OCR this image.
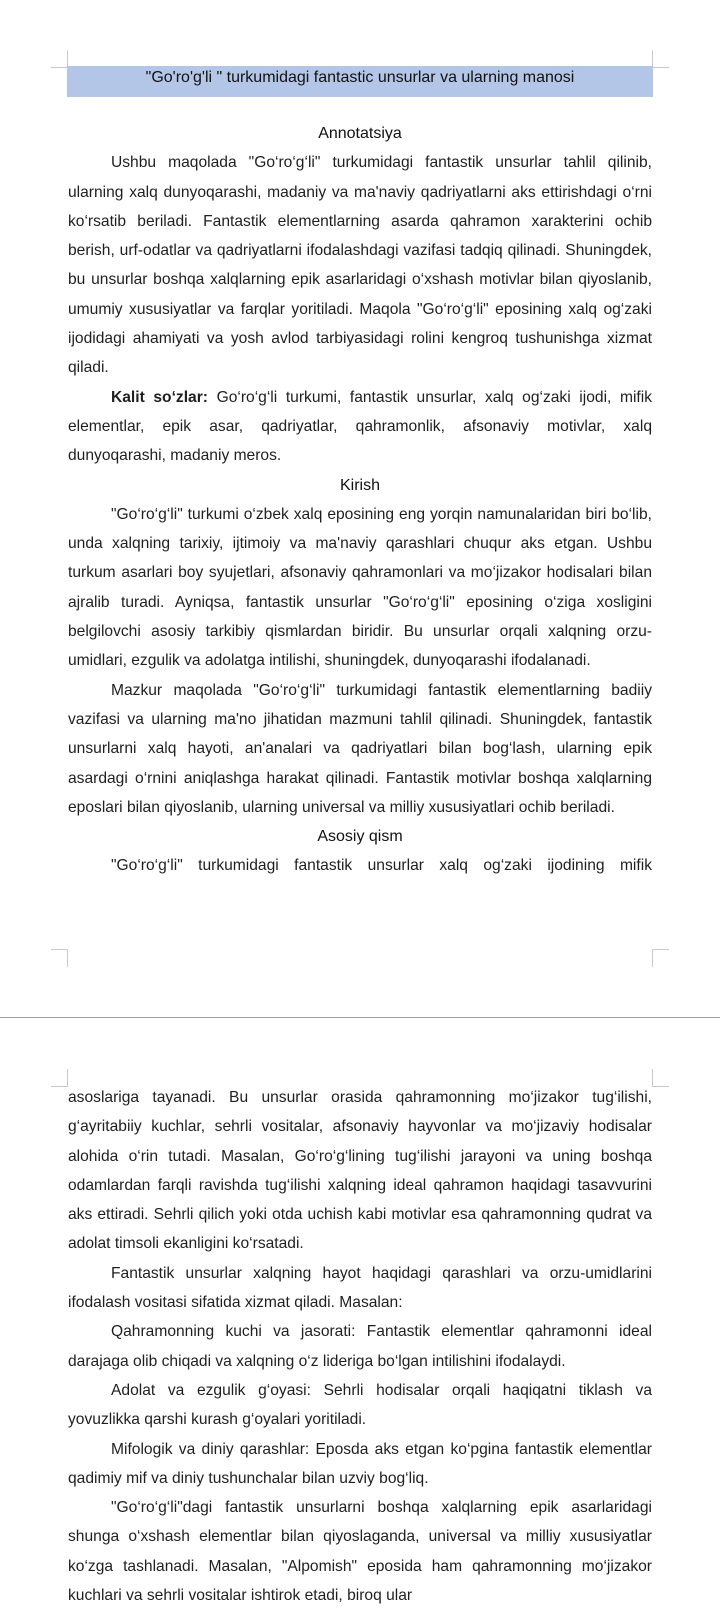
"Go'ro'g'li " turkumidagi fantastic unsurlar va ularning manosi

Annotatsiya

Ushbu maqolada "Go‘ro‘g‘li" turkumidagi fantastik unsurlar tahlil qilinib, ularning xalq dunyoqarashi, madaniy va ma'naviy qadriyatlarni aks ettirishdagi o‘rni ko‘rsatib beriladi. Fantastik elementlarning asarda qahramon xarakterini ochib berish, urf-odatlar va qadriyatlarni ifodalashdagi vazifasi tadqiq qilinadi. Shuningdek, bu unsurlar boshqa xalqlarning epik asarlaridagi o‘xshash motivlar bilan qiyoslanib, umumiy xususiyatlar va farqlar yoritiladi. Maqola "Go‘ro‘g‘li" eposining xalq og‘zaki ijodidagi ahamiyati va yosh avlod tarbiyasidagi rolini kengroq tushunishga xizmat qiladi.

Kalit so‘zlar: Go‘ro‘g‘li turkumi, fantastik unsurlar, xalq og‘zaki ijodi, mifik elementlar, epik asar, qadriyatlar, qahramonlik, afsonaviy motivlar, xalq dunyoqarashi, madaniy meros.

Kirish

"Go‘ro‘g‘li" turkumi o‘zbek xalq eposining eng yorqin namunalaridan biri bo‘lib, unda xalqning tarixiy, ijtimoiy va ma'naviy qarashlari chuqur aks etgan. Ushbu turkum asarlari boy syujetlari, afsonaviy qahramonlari va mo‘jizakor hodisalari bilan ajralib turadi. Ayniqsa, fantastik unsurlar "Go‘ro‘g‘li" eposining o‘ziga xosligini belgilovchi asosiy tarkibiy qismlardan biridir. Bu unsurlar orqali xalqning orzu-umidlari, ezgulik va adolatga intilishi, shuningdek, dunyoqarashi ifodalanadi.

Mazkur maqolada "Go‘ro‘g‘li" turkumidagi fantastik elementlarning badiiy vazifasi va ularning ma'no jihatidan mazmuni tahlil qilinadi. Shuningdek, fantastik unsurlarni xalq hayoti, an'analari va qadriyatlari bilan bog‘lash, ularning epik asardagi o‘rnini aniqlashga harakat qilinadi. Fantastik motivlar boshqa xalqlarning eposlari bilan qiyoslanib, ularning universal va milliy xususiyatlari ochib beriladi.

Asosiy qism

"Go‘ro‘g‘li" turkumidagi fantastik unsurlar xalq og‘zaki ijodining mifik

asoslariga tayanadi. Bu unsurlar orasida qahramonning mo‘jizakor tug‘ilishi, g‘ayritabiiy kuchlar, sehrli vositalar, afsonaviy hayvonlar va mo‘jizaviy hodisalar alohida o‘rin tutadi. Masalan, Go‘ro‘g‘lining tug‘ilishi jarayoni va uning boshqa odamlardan farqli ravishda tug‘ilishi xalqning ideal qahramon haqidagi tasavvurini aks ettiradi. Sehrli qilich yoki otda uchish kabi motivlar esa qahramonning qudrat va adolat timsoli ekanligini ko‘rsatadi.

Fantastik unsurlar xalqning hayot haqidagi qarashlari va orzu-umidlarini ifodalash vositasi sifatida xizmat qiladi. Masalan:

Qahramonning kuchi va jasorati: Fantastik elementlar qahramonni ideal darajaga olib chiqadi va xalqning o‘z lideriga bo‘lgan intilishini ifodalaydi.

Adolat va ezgulik g‘oyasi: Sehrli hodisalar orqali haqiqatni tiklash va yovuzlikka qarshi kurash g‘oyalari yoritiladi.

Mifologik va diniy qarashlar: Eposda aks etgan ko‘pgina fantastik elementlar qadimiy mif va diniy tushunchalar bilan uzviy bog‘liq.

"Go‘ro‘g‘li"dagi fantastik unsurlarni boshqa xalqlarning epik asarlaridagi shunga o‘xshash elementlar bilan qiyoslaganda, universal va milliy xususiyatlar ko‘zga tashlanadi. Masalan, "Alpomish" eposida ham qahramonning mo‘jizakor kuchlari va sehrli vositalar ishtirok etadi, biroq ular
